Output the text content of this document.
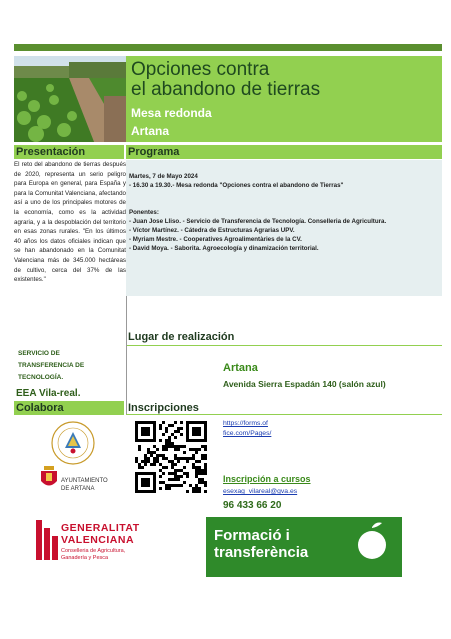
Opciones contra
el abandono de tierras
Mesa redonda
Artana
Presentación	Programa
El reto del abandono de tierras después de 2020, representa un serio peligro para Europa en general, para España y para la Comunitat Valenciana, afectando así a uno de los principales motores de la economía, como es la actividad agraria, y a la despoblación del territorio en esas zonas rurales. "En los últimos 40 años los datos oficiales indican que se han abandonado en la Comunitat Valenciana más de 345.000 hectáreas de cultivo, cerca del 37% de las existentes."
Martes, 7 de Mayo 2024
- 16.30 a 19.30.- Mesa redonda "Opciones contra el abandono de Tierras"
Ponentes:
- Juan Jose Lliso. - Servicio de Transferencia de Tecnología. Conselleria de Agricultura.
- Víctor Martínez. - Cátedra de Estructuras Agrarias UPV.
- Myriam Mestre. - Cooperatives Agroalimentàries de la CV.
- David Moya. - Saborita. Agroecología y dinamización territorial.
Lugar de realización
SERVICIO DE
TRANSFERENCIA DE
TECNOLOGÍA.
EEA Vila-real.
Artana
Avenida Sierra Espadán 140 (salón azul)
Colabora	Inscripciones
AYUNTAMIENTO
DE ARTANA
https://forms.of
fice.com/Pages/
Inscripción a cursos
esexag_vilareal@gva.es
96 433 66 20
GENERALITAT
VALENCIANA
Conselleria de Agricultura,
Ganadería y Pesca
Formació i
transferència
